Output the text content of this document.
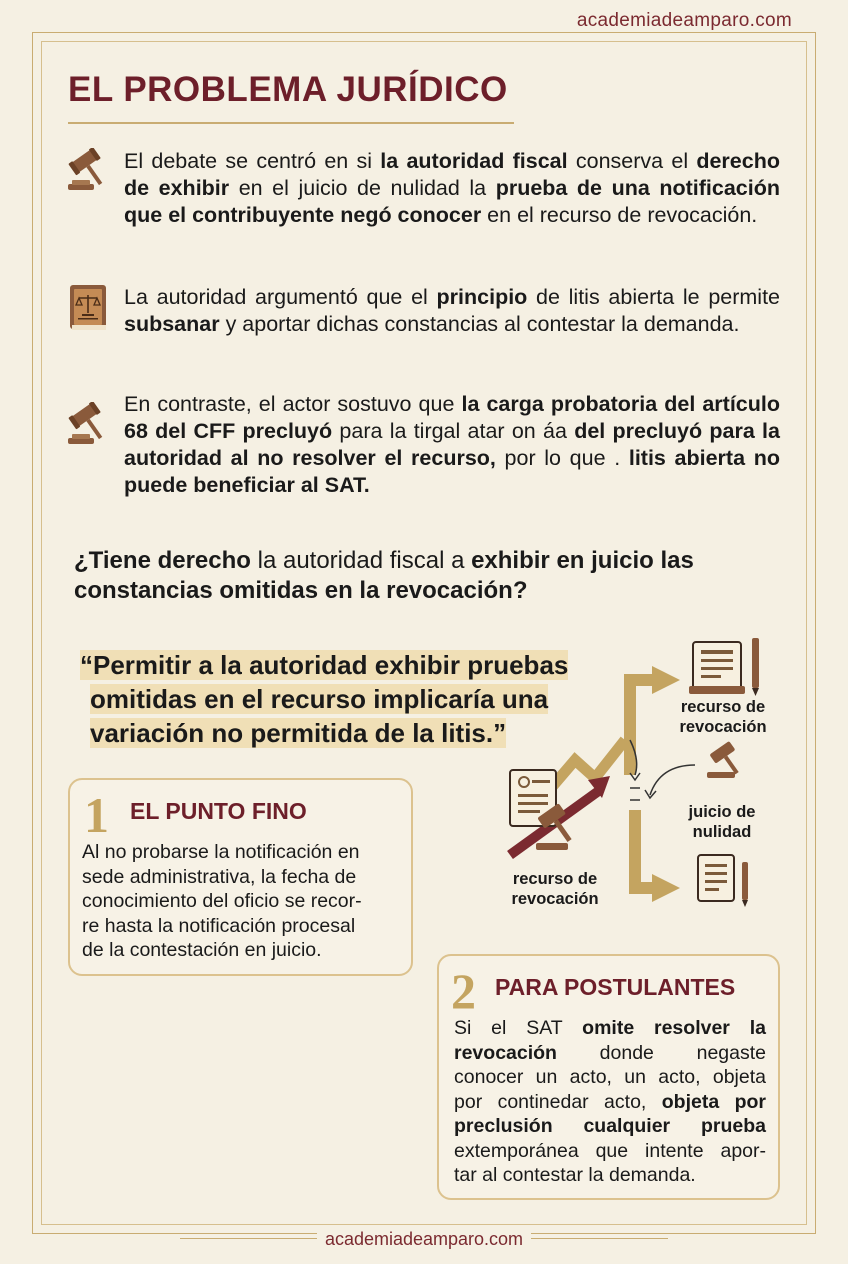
academiadeamparo.com
EL PROBLEMA JURÍDICO
El debate se centró en si la autoridad fiscal conserva el derecho de exhibir en el juicio de nulidad la prueba de una notificación que el contribuyente negó conocer en el recurso de revocación.
La autoridad argumentó que el principio de litis abierta le permite subsanar y aportar dichas constancias al contestar la demanda.
En contraste, el actor sostuvo que la carga probatoria del artículo 68 del CFF precluyó para la tirgal atar on áa del precluyó para la autoridad al no resolver el recurso, por lo que . litis abierta no puede beneficiar al SAT.
¿Tiene derecho la autoridad fiscal a exhibir en juicio las constancias omitidas en la revocación?
“Permitir a la autoridad exhibir pruebas
omitidas en el recurso implicaría una
variación no permitida de la litis.”
1 EL PUNTO FINO
Al no probarse la notificación en
sede administrativa, la fecha de
conocimiento del oficio se recor-
re hasta la notificación procesal
de la contestación en juicio.
2 PARA POSTULANTES
Si el SAT omite resolver la
revocación donde negaste
conocer un acto, un acto, objeta
por continedar acto, objeta por
preclusión cualquier prueba
extemporánea que intente apor-
tar al contestar la demanda.
recurso de
revocación
juicio de
nulidad
recurso de
revocación
academiadeamparo.com
